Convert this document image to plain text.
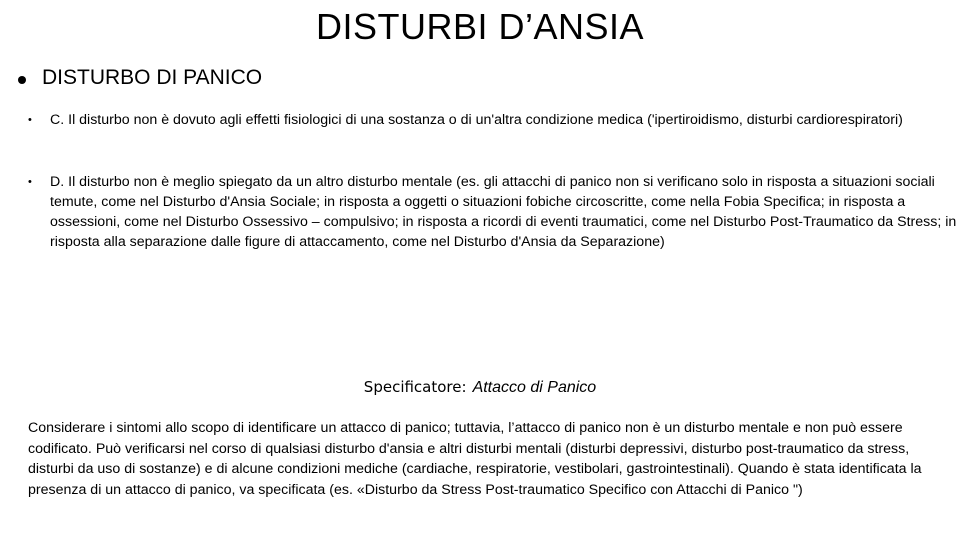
DISTURBI D’ANSIA
DISTURBO DI PANICO
•	C. Il disturbo non è dovuto agli effetti fisiologici di una sostanza o di un'altra condizione medica ('ipertiroidismo, disturbi cardiorespiratori)
•	D. Il disturbo non è meglio spiegato da un altro disturbo mentale (es. gli attacchi di panico non si verificano solo in risposta a situazioni sociali temute, come nel Disturbo d'Ansia Sociale; in risposta a oggetti o situazioni fobiche circoscritte, come nella Fobia Specifica; in risposta a ossessioni, come nel Disturbo Ossessivo – compulsivo; in risposta a ricordi di eventi traumatici, come nel Disturbo Post-Traumatico da Stress; in risposta alla separazione dalle figure di attaccamento, come nel Disturbo d'Ansia da Separazione)
Specificatore: Attacco di Panico
Considerare i sintomi allo scopo di identificare un attacco di panico; tuttavia, l’attacco di panico non è un disturbo mentale e non può essere codificato. Può verificarsi nel corso di qualsiasi disturbo d'ansia e altri disturbi mentali (disturbi depressivi, disturbo post-traumatico da stress, disturbi da uso di sostanze) e di alcune condizioni mediche (cardiache, respiratorie, vestibolari, gastrointestinali). Quando è stata identificata la presenza di un attacco di panico, va specificata (es. «Disturbo da Stress Post-traumatico Specifico con Attacchi di Panico ")
